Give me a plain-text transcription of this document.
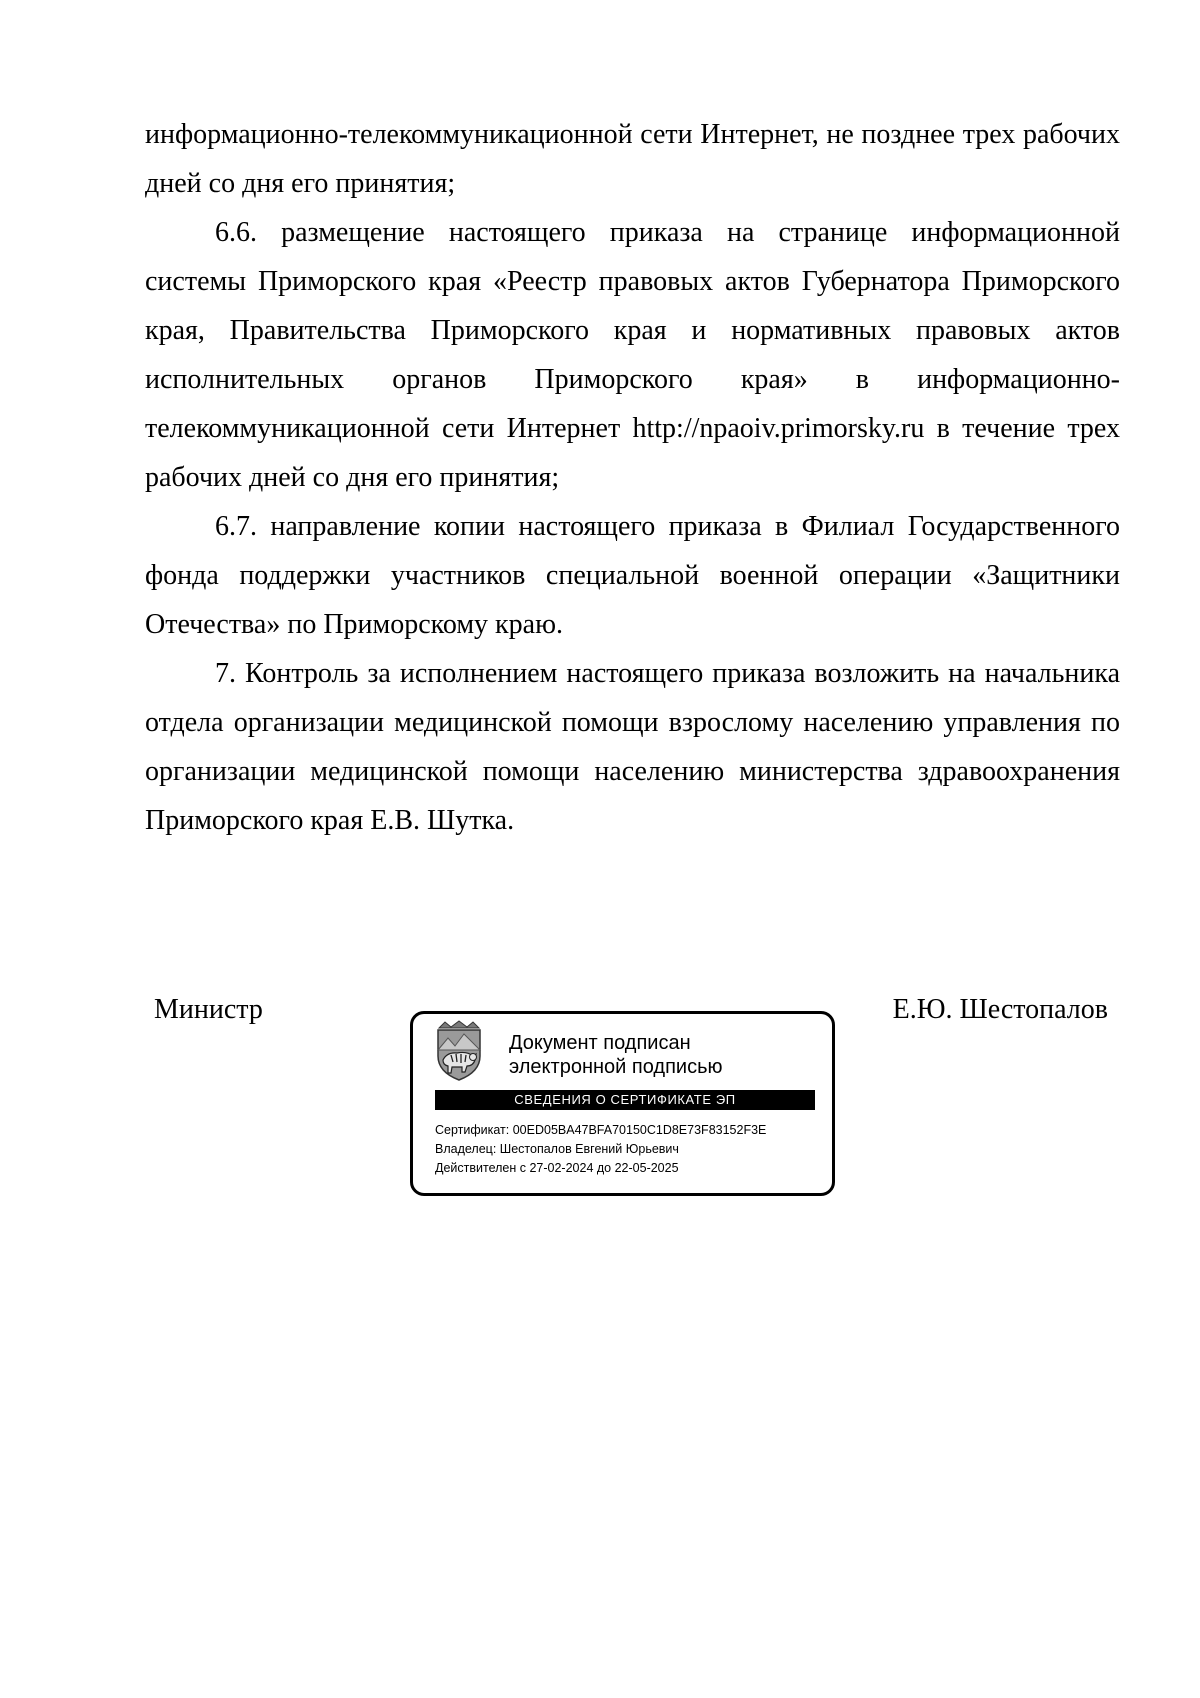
информационно-телекоммуникационной сети Интернет, не позднее трех рабочих дней со дня его принятия;

6.6. размещение настоящего приказа на странице информационной системы Приморского края «Реестр правовых актов Губернатора Приморского края, Правительства Приморского края и нормативных правовых актов исполнительных органов Приморского края» в информационно-телекоммуникационной сети Интернет http://npaoiv.primorsky.ru в течение трех рабочих дней со дня его принятия;

6.7. направление копии настоящего приказа в Филиал Государственного фонда поддержки участников специальной военной операции «Защитники Отечества» по Приморскому краю.

7. Контроль за исполнением настоящего приказа возложить на начальника отдела организации медицинской помощи взрослому населению управления по организации медицинской помощи населению министерства здравоохранения Приморского края Е.В. Шутка.

Министр	Е.Ю. Шестопалов
Документ подписан
электронной подписью
СВЕДЕНИЯ О СЕРТИФИКАТЕ ЭП
Сертификат: 00ED05BA47BFA70150C1D8E73F83152F3E
Владелец: Шестопалов Евгений Юрьевич
Действителен с 27-02-2024 до 22-05-2025
